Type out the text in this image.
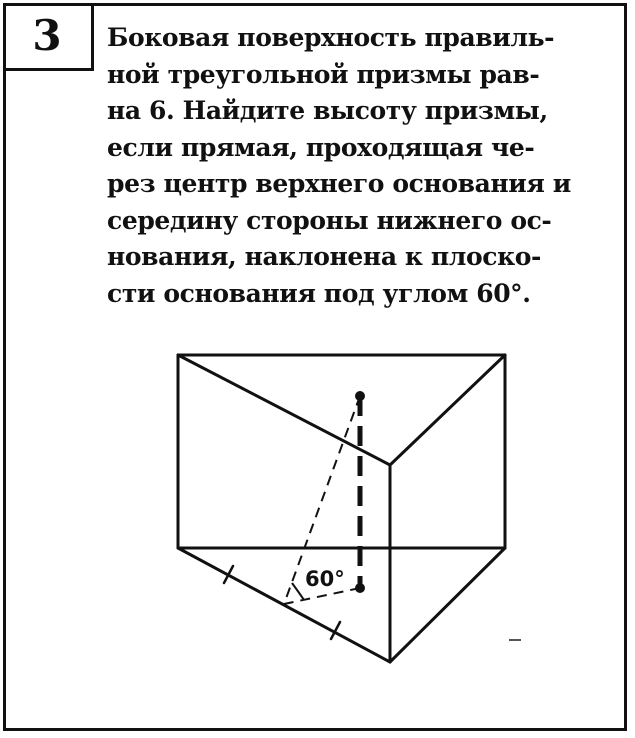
3 Боковая поверхность правиль-
ной треугольной призмы рав-
на 6. Найдите высоту призмы,
если прямая, проходящая че-
рез центр верхнего основания и
середину стороны нижнего ос-
нования, наклонена к плоско-
сти основания под углом 60°.

60°
